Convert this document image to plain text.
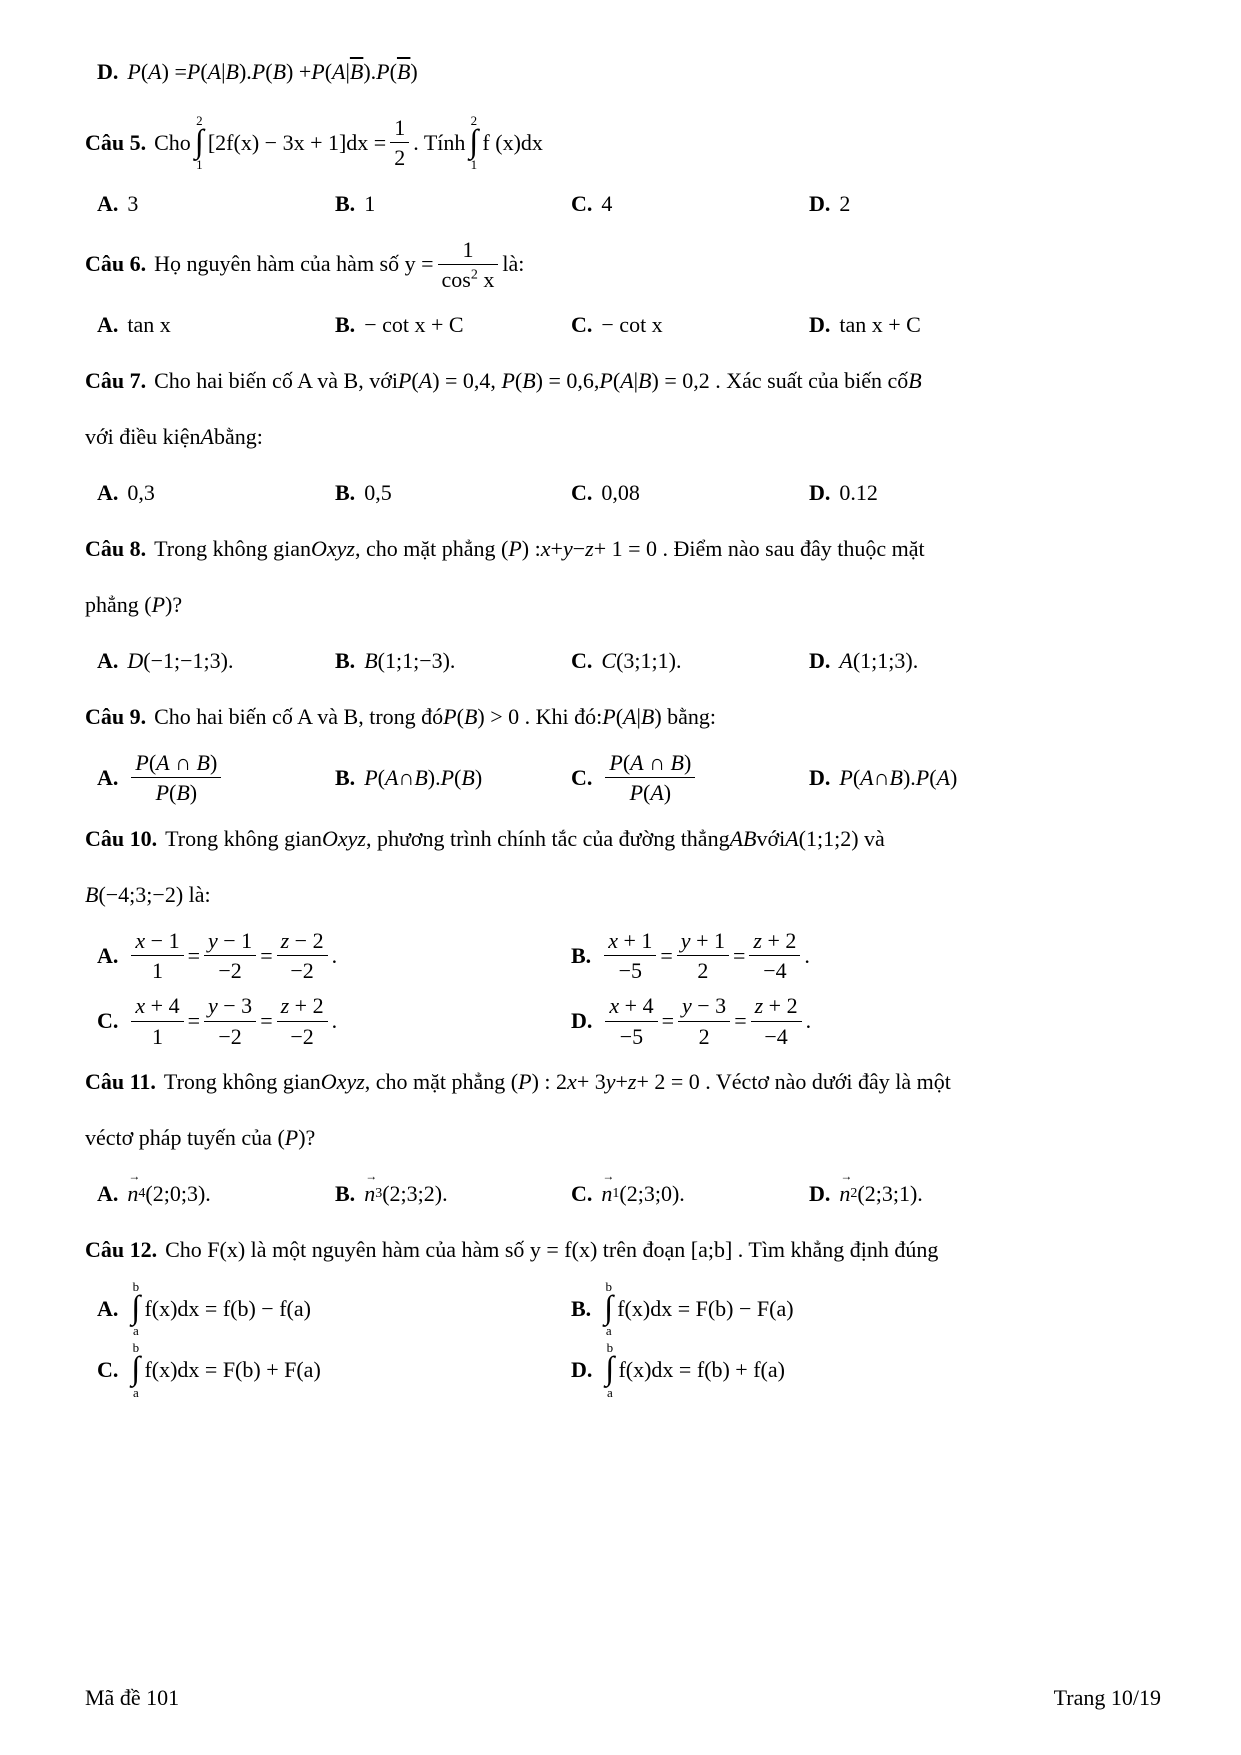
D. P ( A ) = P ( A | B ). P ( B ) + P ( A | $\overline{B}$ ). P ( $\overline{B}$ )
Câu 5. Cho
2
∫
1
$[2f(x) - 3x + 1]dx = \frac{1}{2}$ . Tính
2
∫
1
f (x)dx
A. 3	B. 1	C. 4	D. 2
Câu 6. Họ nguyên hàm của hàm số $y = \frac{1}{\cos^2 x}$ là:
A. tan x	B. − cot x + C	C. − cot x	D. tan x + C
Câu 7. Cho hai biến cố A và B, với P ( A ) = 0,4, P ( B ) = 0,6, P ( A | B ) = 0,2 . Xác suất của biến cố B
với điều kiện A bằng:
A. 0,3	B. 0,5	C. 0,08	D. 0.12
Câu 8. Trong không gian Oxyz , cho mặt phẳng ( P ) : x + y − z + 1 = 0 . Điểm nào sau đây thuộc mặt
phẳng ( P )?
A. D (−1;−1;3).	B. B (1;1;−3).	C. C (3;1;1).	D. A (1;1;3).
Câu 9. Cho hai biến cố A và B, trong đó P ( B ) > 0 . Khi đó: P ( A | B ) bằng:
A. $\frac{P(A \cap B)}{P(B)}$	B. P ( A ∩ B ). P ( B )	C. $\frac{P(A \cap B)}{P(A)}$	D. P ( A ∩ B ). P ( A )
Câu 10. Trong không gian Oxyz , phương trình chính tắc của đường thẳng AB với A (1;1;2) và
B (−4;3;−2) là:
A. $\frac{x - 1}{1} = \frac{y - 1}{-2} = \frac{z - 2}{-2}$ .	B. $\frac{x + 1}{-5} = \frac{y + 1}{2} = \frac{z + 2}{-4}$ .
C. $\frac{x + 4}{1} = \frac{y - 3}{-2} = \frac{z + 2}{-2}$ .	D. $\frac{x + 4}{-5} = \frac{y - 3}{2} = \frac{z + 2}{-4}$ .
Câu 11. Trong không gian Oxyz , cho mặt phẳng ( P ) : 2 x + 3 y + z + 2 = 0 . Véctơ nào dưới đây là một
véctơ pháp tuyến của ( P )?
A. n → 4 (2;0;3).	B. n → 3 (2;3;2).	C. n → 1 (2;3;0).	D. n → 2 (2;3;1).
Câu 12. Cho F(x) là một nguyên hàm của hàm số y = f(x) trên đoạn [a;b] . Tìm khẳng định đúng
A.
b
∫
a
f(x)dx = f(b) − f(a)	B.
b
∫
a
f(x)dx = F(b) − F(a)
C.
b
∫
a
f(x)dx = F(b) + F(a)	D.
b
∫
a
f(x)dx = f(b) + f(a)
Mã đề 101	Trang 10/19
